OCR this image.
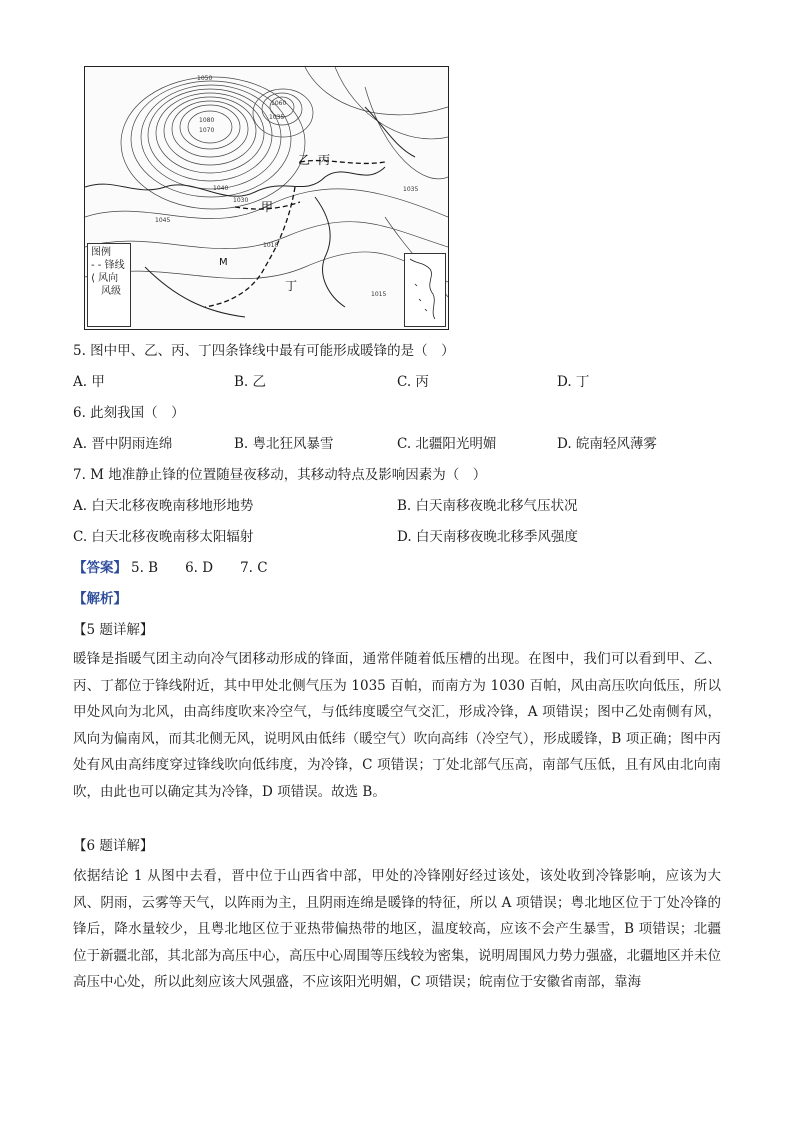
1050
1060
1080
1070
1035
1040
1030
1035
1045
1010
1015
甲
乙 丙
丁
M
图例
- - 锋线
⟨ 风向
风级
5. 图中甲、乙、丙、丁四条锋线中最有可能形成暖锋的是（　）
A. 甲	B. 乙	C. 丙	D. 丁
6. 此刻我国（　）
A. 晋中阴雨连绵	B. 粤北狂风暴雪	C. 北疆阳光明媚	D. 皖南轻风薄雾
7. M 地准静止锋的位置随昼夜移动，其移动特点及影响因素为（　）
A. 白天北移夜晚南移地形地势	B. 白天南移夜晚北移气压状况
C. 白天北移夜晚南移太阳辐射	D. 白天南移夜晚北移季风强度
【答案】 5. B　　6. D　　7. C
【解析】
【5 题详解】
暖锋是指暖气团主动向冷气团移动形成的锋面，通常伴随着低压槽的出现。在图中，我们可以看到甲、乙、丙、丁都位于锋线附近，其中甲处北侧气压为 1035 百帕，而南方为 1030 百帕，风由高压吹向低压，所以甲处风向为北风，由高纬度吹来冷空气，与低纬度暖空气交汇，形成冷锋，A 项错误；图中乙处南侧有风，风向为偏南风，而其北侧无风，说明风由低纬（暖空气）吹向高纬（冷空气），形成暖锋，B 项正确；图中丙处有风由高纬度穿过锋线吹向低纬度，为冷锋，C 项错误；丁处北部气压高，南部气压低，且有风由北向南吹，由此也可以确定其为冷锋，D 项错误。故选 B。
【6 题详解】
依据结论 1 从图中去看，晋中位于山西省中部，甲处的冷锋刚好经过该处，该处收到冷锋影响，应该为大风、阴雨，云雾等天气，以阵雨为主，且阴雨连绵是暖锋的特征，所以 A 项错误；粤北地区位于丁处冷锋的锋后，降水量较少，且粤北地区位于亚热带偏热带的地区，温度较高，应该不会产生暴雪，B 项错误；北疆位于新疆北部，其北部为高压中心，高压中心周围等压线较为密集，说明周围风力势力强盛，北疆地区并未位高压中心处，所以此刻应该大风强盛，不应该阳光明媚，C 项错误；皖南位于安徽省南部，靠海
